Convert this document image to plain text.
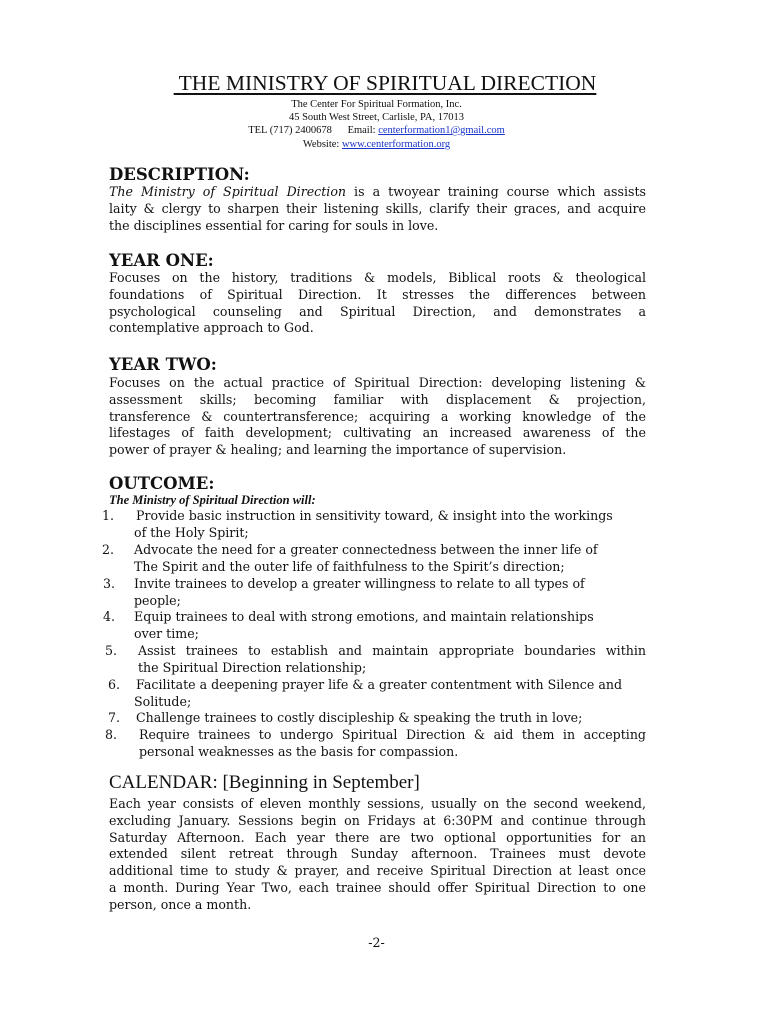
THE MINISTRY OF SPIRITUAL DIRECTION
The Center For Spiritual Formation, Inc.
45 South West Street, Carlisle, PA, 17013
TEL (717) 2400678      Email: centerformation1@gmail.com
Website: www.centerformation.org
DESCRIPTION:
The Ministry of Spiritual Direction is a twoyear training course which assists
laity & clergy to sharpen their listening skills, clarify their graces, and acquire
the disciplines essential for caring for souls in love.
YEAR ONE:
Focuses on the history, traditions & models, Biblical roots & theological
foundations of Spiritual Direction. It stresses the differences between
psychological counseling and Spiritual Direction, and demonstrates a
contemplative approach to God.
YEAR TWO:
Focuses on the actual practice of Spiritual Direction: developing listening &
assessment skills; becoming familiar with displacement & projection,
transference & countertransference; acquiring a working knowledge of the
lifestages of faith development; cultivating an increased awareness of the
power of prayer & healing; and learning the importance of supervision.
OUTCOME:
The Ministry of Spiritual Direction will:
1. Provide basic instruction in sensitivity toward, & insight into the workings
of the Holy Spirit;
2. Advocate the need for a greater connectedness between the inner life of
The Spirit and the outer life of faithfulness to the Spirit’s direction;
3. Invite trainees to develop a greater willingness to relate to all types of
people;
4. Equip trainees to deal with strong emotions, and maintain relationships
over time;
5. Assist trainees to establish and maintain appropriate boundaries within
the Spiritual Direction relationship;
6. Facilitate a deepening prayer life & a greater contentment with Silence and
Solitude;
7. Challenge trainees to costly discipleship & speaking the truth in love;
8. Require trainees to undergo Spiritual Direction & aid them in accepting
personal weaknesses as the basis for compassion.
CALENDAR: [Beginning in September]
Each year consists of eleven monthly sessions, usually on the second weekend,
excluding January. Sessions begin on Fridays at 6:30PM and continue through
Saturday Afternoon. Each year there are two optional opportunities for an
extended silent retreat through Sunday afternoon. Trainees must devote
additional time to study & prayer, and receive Spiritual Direction at least once
a month. During Year Two, each trainee should offer Spiritual Direction to one
person, once a month.
-2-
